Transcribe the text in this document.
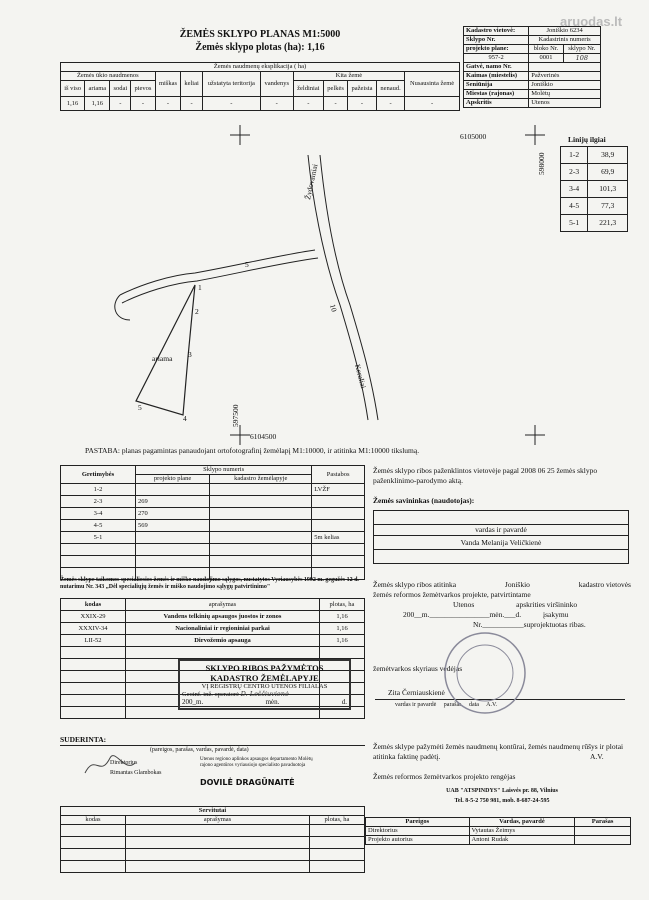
ŽEMĖS SKLYPO PLANAS M1:5000
Žemės sklypo plotas (ha): 1,16
Žemės naudmenų eksplikacija ( ha)												
Žemės ūkio naudmenos				miškas	keliai	užstatyta teritorija	vandenys	Kita žemė				Nusausinta žemė
iš viso	ariama	sodai	pievos					želdiniai	pelkės	pažeista	nenaud.	
1,16	1,16	-	-	-	-	-	-	-	-	-	-	-
Kadastro vietovė:	Joniškio 6234	
Sklypo Nr.	Kadastrinis numeris	
projekto plane:	bloko Nr.	sklypo Nr.
957-2	0001	108
Gatvė, namo Nr.		
Kaimas (miestelis)	Pažverinės	
Seniūnija	Joniškio	
Miestas (rajonas)	Molėtų	
Apskritis	Utenos	
aruodas.lt
1
2
3
4
5
5
ariama
6105000
6104500
598000
597500
Žydovainiai
Keruliai
10
Linijų ilgiai
1-2	38,9
2-3	69,9
3-4	101,3
4-5	77,3
5-1	221,3
PASTABA: planas pagamintas panaudojant ortofotografinį žemėlapį M1:10000, ir atitinka M1:10000 tikslumą.
Gretimybės	Sklypo numeris		Pastabos
	projekto plane	kadastro žemėlapyje	
1-2			LVŽF
2-3	269		
3-4	270		
4-5	569		
5-1			5m kelias

Žemės sklypo ribos paženklintos vietovėje pagal 2008 06 25 žemės sklypo paženklinimo-parodymo aktą.
Žemės savininkas (naudotojas):

vardas ir pavardė
Vanda Melanija Veličkienė

Žemės sklypo ribos atitinka	Joniškio	kadastro vietovės
žemės reformos žemėtvarkos projekte, patvirtintame
Utenos	apskrities viršininko
200__m.________________mėn.___d.	įsakymu
Nr.___________suprojektuotas ribas.
žemėtvarkos skyriaus vedėjas
Zita Černiauskienė
vardas ir pavardė     parašas     data     A.V.
Žemės sklype pažymėti žemės naudmenų kontūrai, žemės naudmenų rūšys ir plotai atitinka faktinę padėtį.	A.V.
Žemės reformos žemėtvarkos projekto rengėjas
Žemės sklype taikomos specialiosios žemės ir miško naudojimo sąlygos, nustatytos Vyriausybės 1992 m. gegužės 12 d. nutarimu Nr. 343 „Dėl specialiųjų žemės ir miško naudojimo sąlygų patvirtinimo"
kodas	aprašymas	plotas, ha
XXIX-29	Vandens telkinių apsaugos juostos ir zonos	1,16
XXXIV-34	Nacionaliniai ir regioniniai parkai	1,16
LII-52	Dirvožemio apsauga	1,16

SKLYPO RIBOS PAŽYMĖTOS
KADASTRO ŽEMĖLAPYJE
VĮ REGISTRŲ CENTRO UTENOS FILIALAS
Geoinf. inž. operatorė D. Leščiuvienė
200_m.	mėn.	d.
SUDERINTA:
(pareigos, parašas, vardas, pavardė, data)
Direktorius
Rimantas Glambokas
Utenos regiono aplinkos apsaugos departamento Molėtų rajono agentūros vyriausiojo specialisto pavaduotoja
DOVILĖ DRAGŪNAITĖ
Servitutai		
kodas	aprašymas	plotas, ha

UAB "ATSPINDYS" Laisvės pr. 88, Vilnius
Tel. 8-5-2 750 981, mob. 8-687-24-595
Pareigos	Vardas, pavardė	Parašas
Direktorius	Vytautas Žeimys	
Projekto autorius	Antoni Rudak	
